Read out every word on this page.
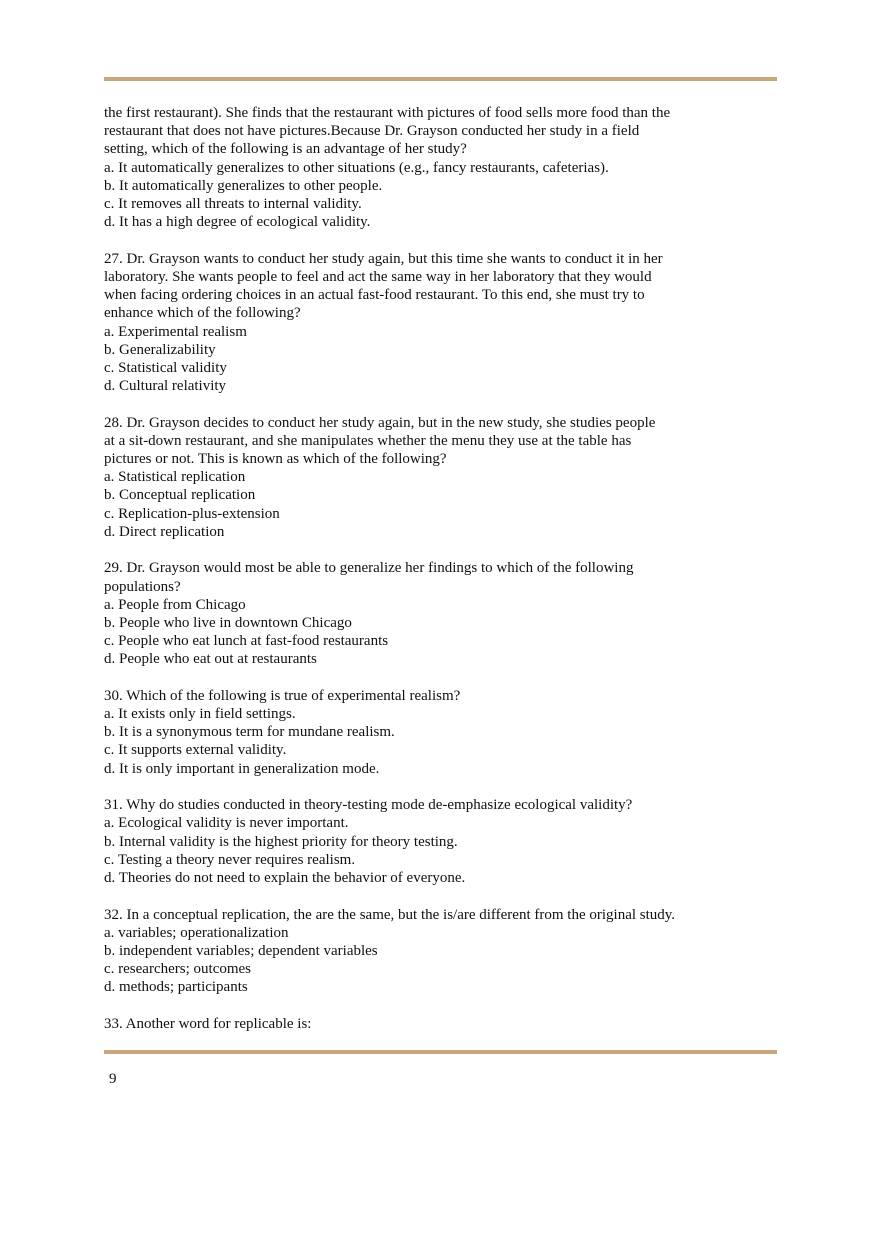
the first restaurant). She finds that the restaurant with pictures of food sells more food than the
restaurant that does not have pictures.Because Dr. Grayson conducted her study in a field
setting, which of the following is an advantage of her study?
a. It automatically generalizes to other situations (e.g., fancy restaurants, cafeterias).
b. It automatically generalizes to other people.
c. It removes all threats to internal validity.
d. It has a high degree of ecological validity.
27. Dr. Grayson wants to conduct her study again, but this time she wants to conduct it in her
laboratory. She wants people to feel and act the same way in her laboratory that they would
when facing ordering choices in an actual fast-food restaurant. To this end, she must try to
enhance which of the following?
a. Experimental realism
b. Generalizability
c. Statistical validity
d. Cultural relativity
28. Dr. Grayson decides to conduct her study again, but in the new study, she studies people
at a sit-down restaurant, and she manipulates whether the menu they use at the table has
pictures or not. This is known as which of the following?
a. Statistical replication
b. Conceptual replication
c. Replication-plus-extension
d. Direct replication
29. Dr. Grayson would most be able to generalize her findings to which of the following
populations?
a. People from Chicago
b. People who live in downtown Chicago
c. People who eat lunch at fast-food restaurants
d. People who eat out at restaurants
30. Which of the following is true of experimental realism?
a. It exists only in field settings.
b. It is a synonymous term for mundane realism.
c. It supports external validity.
d. It is only important in generalization mode.
31. Why do studies conducted in theory-testing mode de-emphasize ecological validity?
a. Ecological validity is never important.
b. Internal validity is the highest priority for theory testing.
c. Testing a theory never requires realism.
d. Theories do not need to explain the behavior of everyone.
32. In a conceptual replication, the are the same, but the is/are different from the original study.
a. variables; operationalization
b. independent variables; dependent variables
c. researchers; outcomes
d. methods; participants
33. Another word for replicable is:
9
